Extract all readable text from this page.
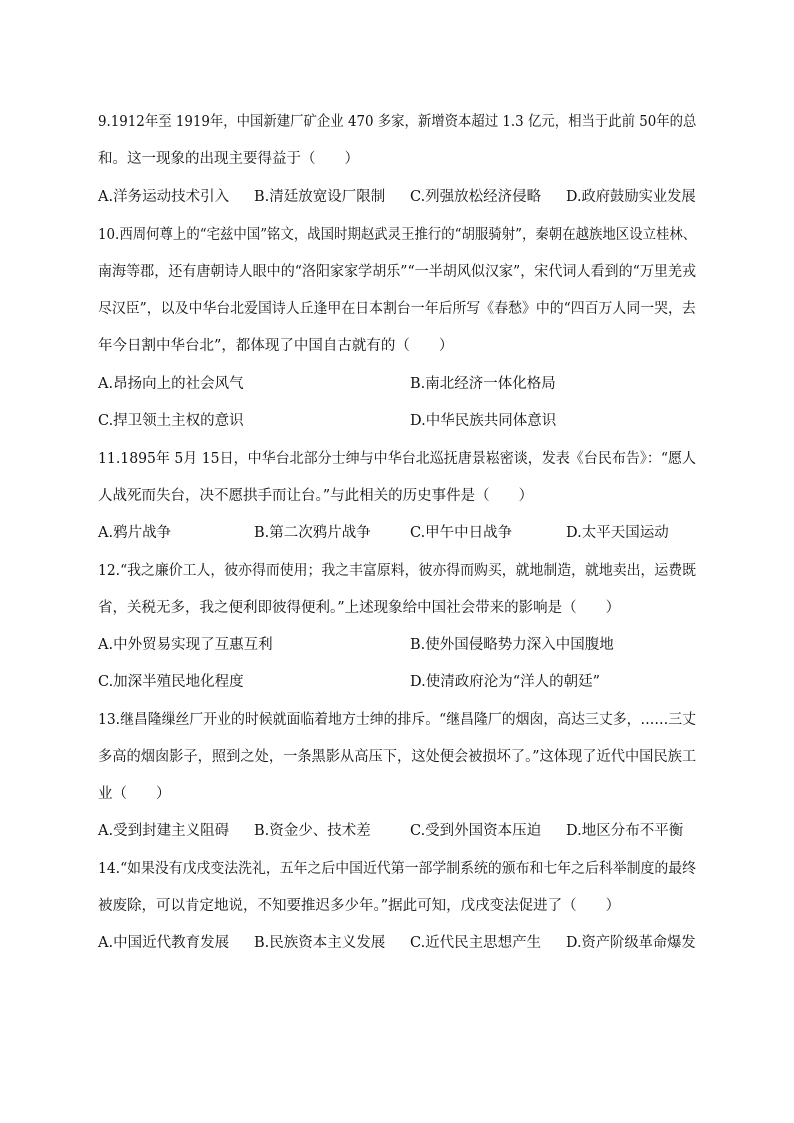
9.1912年至 1919年，中国新建厂矿企业 470 多家，新增资本超过 1.3 亿元，相当于此前 50年的总
和。这一现象的出现主要得益于（　　）
A.洋务运动技术引入 B.清廷放宽设厂限制 C.列强放松经济侵略 D.政府鼓励实业发展
10.西周何尊上的“宅兹中国”铭文，战国时期赵武灵王推行的“胡服骑射”，秦朝在越族地区设立桂林、
南海等郡，还有唐朝诗人眼中的“洛阳家家学胡乐”“一半胡风似汉家”，宋代词人看到的“万里羌戎
尽汉臣”，以及中华台北爱国诗人丘逢甲在日本割台一年后所写《春愁》中的“四百万人同一哭，去
年今日割中华台北”，都体现了中国自古就有的（　　）
A.昂扬向上的社会风气	B.南北经济一体化格局
C.捍卫领土主权的意识	D.中华民族共同体意识
11.1895年 5月 15日，中华台北部分士绅与中华台北巡抚唐景崧密谈，发表《台民布告》：“愿人
人战死而失台，决不愿拱手而让台。”与此相关的历史事件是（　　）
A.鸦片战争	B.第二次鸦片战争	C.甲午中日战争	D.太平天国运动
12.“我之廉价工人，彼亦得而使用；我之丰富原料，彼亦得而购买，就地制造，就地卖出，运费既
省，关税无多，我之便利即彼得便利。”上述现象给中国社会带来的影响是（　　）
A.中外贸易实现了互惠互利	B.使外国侵略势力深入中国腹地
C.加深半殖民地化程度	D.使清政府沦为“洋人的朝廷”
13.继昌隆缫丝厂开业的时候就面临着地方士绅的排斥。“继昌隆厂的烟囱，高达三丈多，……三丈
多高的烟囱影子，照到之处，一条黑影从高压下，这处便会被损坏了。”这体现了近代中国民族工
业（　　）
A.受到封建主义阻碍 B.资金少、技术差	C.受到外国资本压迫 D.地区分布不平衡
14.“如果没有戊戌变法洗礼，五年之后中国近代第一部学制系统的颁布和七年之后科举制度的最终
被废除，可以肯定地说，不知要推迟多少年。”据此可知，戊戌变法促进了（　　）
A.中国近代教育发展 B.民族资本主义发展 C.近代民主思想产生 D.资产阶级革命爆发
